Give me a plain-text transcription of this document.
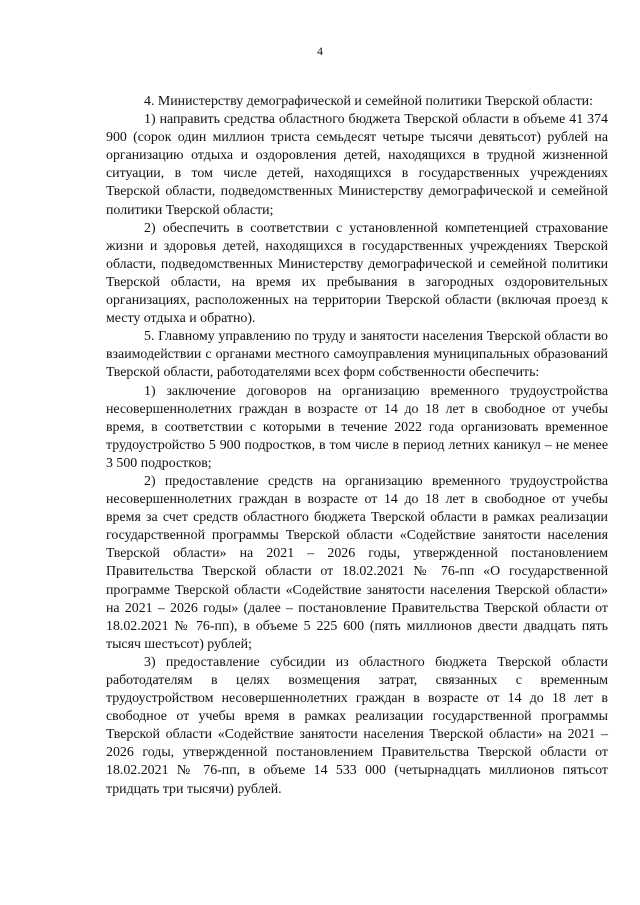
4

4. Министерству демографической и семейной политики Тверской области:

1) направить средства областного бюджета Тверской области в объеме 41 374 900 (сорок один миллион триста семьдесят четыре тысячи девятьсот) рублей на организацию отдыха и оздоровления детей, находящихся в трудной жизненной ситуации, в том числе детей, находящихся в государственных учреждениях Тверской области, подведомственных Министерству демографической и семейной политики Тверской области;

2) обеспечить в соответствии с установленной компетенцией страхование жизни и здоровья детей, находящихся в государственных учреждениях Тверской области, подведомственных Министерству демографической и семейной политики Тверской области, на время их пребывания в загородных оздоровительных организациях, расположенных на территории Тверской области (включая проезд к месту отдыха и обратно).

5. Главному управлению по труду и занятости населения Тверской области во взаимодействии с органами местного самоуправления муниципальных образований Тверской области, работодателями всех форм собственности обеспечить:

1) заключение договоров на организацию временного трудоустройства несовершеннолетних граждан в возрасте от 14 до 18 лет в свободное от учебы время, в соответствии с которыми в течение 2022 года организовать временное трудоустройство 5 900 подростков, в том числе в период летних каникул – не менее 3 500 подростков;

2) предоставление средств на организацию временного трудоустройства несовершеннолетних граждан в возрасте от 14 до 18 лет в свободное от учебы время за счет средств областного бюджета Тверской области в рамках реализации государственной программы Тверской области «Содействие занятости населения Тверской области» на 2021 – 2026 годы, утвержденной постановлением Правительства Тверской области от 18.02.2021 № 76-пп «О государственной программе Тверской области «Содействие занятости населения Тверской области» на 2021 – 2026 годы» (далее – постановление Правительства Тверской области от 18.02.2021 № 76-пп), в объеме 5 225 600 (пять миллионов двести двадцать пять тысяч шестьсот) рублей;

3) предоставление субсидии из областного бюджета Тверской области работодателям в целях возмещения затрат, связанных с временным трудоустройством несовершеннолетних граждан в возрасте от 14 до 18 лет в свободное от учебы время в рамках реализации государственной программы Тверской области «Содействие занятости населения Тверской области» на 2021 – 2026 годы, утвержденной постановлением Правительства Тверской области от 18.02.2021 № 76-пп, в объеме 14 533 000 (четырнадцать миллионов пятьсот тридцать три тысячи) рублей.
